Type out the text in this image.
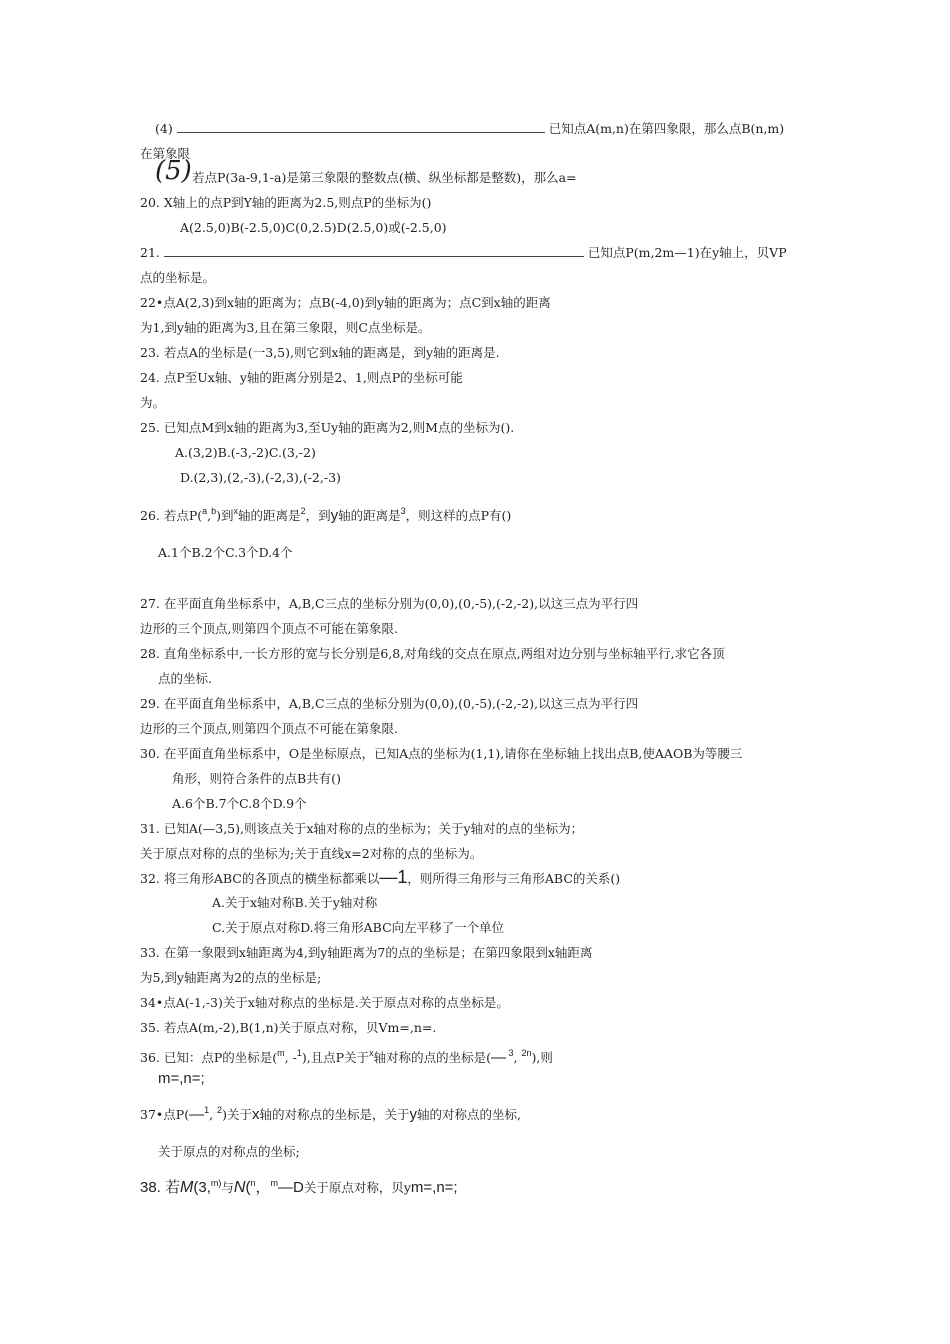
(4)	已知点A(m,n)在第四象限，那么点B(n,m)
在第象限
(5) 若点P(3a-9,1-a)是第三象限的整数点(横、纵坐标都是整数)，那么a=
20. X轴上的点P到Y轴的距离为2.5,则点P的坐标为()
A(2.5,0)B(-2.5,0)C(0,2.5)D(2.5,0)或(-2.5,0)
21.	已知点P(m,2m—1)在y轴上，贝VP
点的坐标是。
22•点A(2,3)到x轴的距离为；点B(-4,0)到y轴的距离为；点C到x轴的距离
为1,到y轴的距离为3,且在第三象限，则C点坐标是。
23. 若点A的坐标是(一3,5),则它到x轴的距离是，到y轴的距离是.
24. 点P至Ux轴、y轴的距离分别是2、1,则点P的坐标可能
为。
25. 已知点M到x轴的距离为3,至Uy轴的距离为2,则M点的坐标为().
A.(3,2)B.(-3,-2)C.(3,-2)
D.(2,3),(2,-3),(-2,3),(-2,-3)
26. 若点P($^a$,$^b$)到$^x$轴的距离是$^2$，到y轴的距离是$^3$，则这样的点P有()
A.1个B.2个C.3个D.4个
27. 在平面直角坐标系中，A,B,C三点的坐标分别为(0,0),(0,-5),(-2,-2),以这三点为平行四
边形的三个顶点,则第四个顶点不可能在第象限.
28. 直角坐标系中,一长方形的宽与长分别是6,8,对角线的交点在原点,两组对边分别与坐标轴平行,求它各顶
点的坐标.
29. 在平面直角坐标系中，A,B,C三点的坐标分别为(0,0),(0,-5),(-2,-2),以这三点为平行四
边形的三个顶点,则第四个顶点不可能在第象限.
30. 在平面直角坐标系中，O是坐标原点，已知A点的坐标为(1,1),请你在坐标轴上找出点B,使AAOB为等腰三
角形，则符合条件的点B共有()
A.6个B.7个C.8个D.9个
31. 已知A(—3,5),则该点关于x轴对称的点的坐标为；关于y轴对的点的坐标为；
关于原点对称的点的坐标为;关于直线x=2对称的点的坐标为。
32. 将三角形ABC的各顶点的横坐标都乘以—1，则所得三角形与三角形ABC的关系()
A.关于x轴对称B.关于y轴对称
C.关于原点对称D.将三角形ABC向左平移了一个单位
33. 在第一象限到x轴距离为4,到y轴距离为7的点的坐标是；在第四象限到x轴距离
为5,到y轴距离为2的点的坐标是;
34•点A(-1,-3)关于x轴对称点的坐标是.关于原点对称的点坐标是。
35. 若点A(m,-2),B(1,n)关于原点对称，贝Vm=,n=.
36. 已知：点P的坐标是($^m$, -$^1$),且点P关于$^x$轴对称的点的坐标是(— $^3$, $^{2n}$),则
m=,n=;
37•点P(—$^1$, $^2$)关于x轴的对称点的坐标是，关于y轴的对称点的坐标,
关于原点的对称点的坐标;
38. 若M(3,$^{m)}$与N($^n$，$^m$—D关于原点对称，贝ym=,n=;
